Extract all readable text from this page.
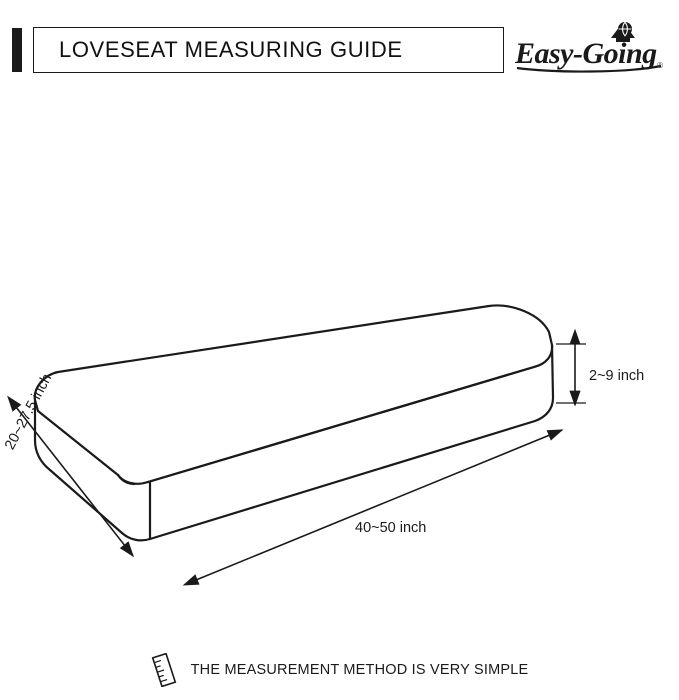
LOVESEAT MEASURING GUIDE	Easy-Going ®
2~9 inch
40~50 inch
20~27.5 inch
THE MEASUREMENT METHOD IS VERY SIMPLE
